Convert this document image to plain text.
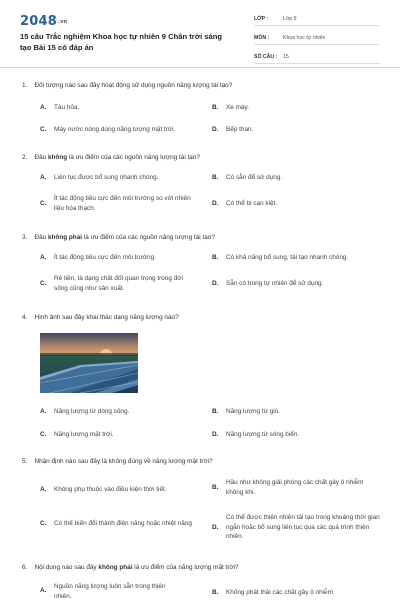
2048.vn
15 câu Trắc nghiệm Khoa học tự nhiên 9 Chân trời sáng tạo Bài 15 có đáp án
LỚP :	Lớp 9
MÔN :	Khoa học tự nhiên
SỐ CÂU :	15
1. Đối tượng nào sau đây hoạt động sử dụng nguồn năng lượng tái tạo?
A.	Tàu hỏa.	B.	Xe máy.
C.	Máy nước nóng dùng năng lượng mặt trời.	D.	Bếp than.
2. Đâu không là ưu điểm của các nguồn năng lượng tái tạo?
A.	Liên tục được bổ sung nhanh chóng.	B.	Có sẵn để sử dụng.
C.
Ít tác động tiêu cực đến môi trường so với nhiên liệu hóa thạch.
D.	Có thể bị cạn kiệt.
3. Đâu không phải là ưu điểm của các nguồn năng lượng tái tạo?
A.	Ít tác động tiêu cực đến môi trường.	B.	Có khả năng bổ sung, tái tạo nhanh chóng.
C.
Rẻ tiền, là dạng chất đốt quan trọng trong đời sống cũng như sản xuất.
D.	Sẵn có trong tự nhiên để sử dụng.
4. Hình ảnh sau đây khai thác dạng năng lượng nào?
A.	Năng lượng từ dòng sông.	B.	Năng lượng từ gió.
C.	Năng lượng mặt trời.	D.	Năng lượng từ sóng biển.
5. Nhận định nào sau đây là không đúng về năng lượng mặt trời?
A.	Không phụ thuộc vào điều kiện thời tiết.	B.
Hầu như không giải phóng các chất gây ô nhiễm không khí.
C.	Có thể biến đổi thành điện năng hoặc nhiệt năng
D.
Có thể được thiên nhiên tái tạo trong khoảng thời gian ngắn hoặc bổ sung liên tục qua các quá trình thiên nhiên.
6. Nội dung nào sau đây không phải là ưu điểm của năng lượng mặt trời?
A.
Nguồn năng lượng luôn sẵn trong thiên nhiên.	B.	Không phát thải các chất gây ô nhiễm
